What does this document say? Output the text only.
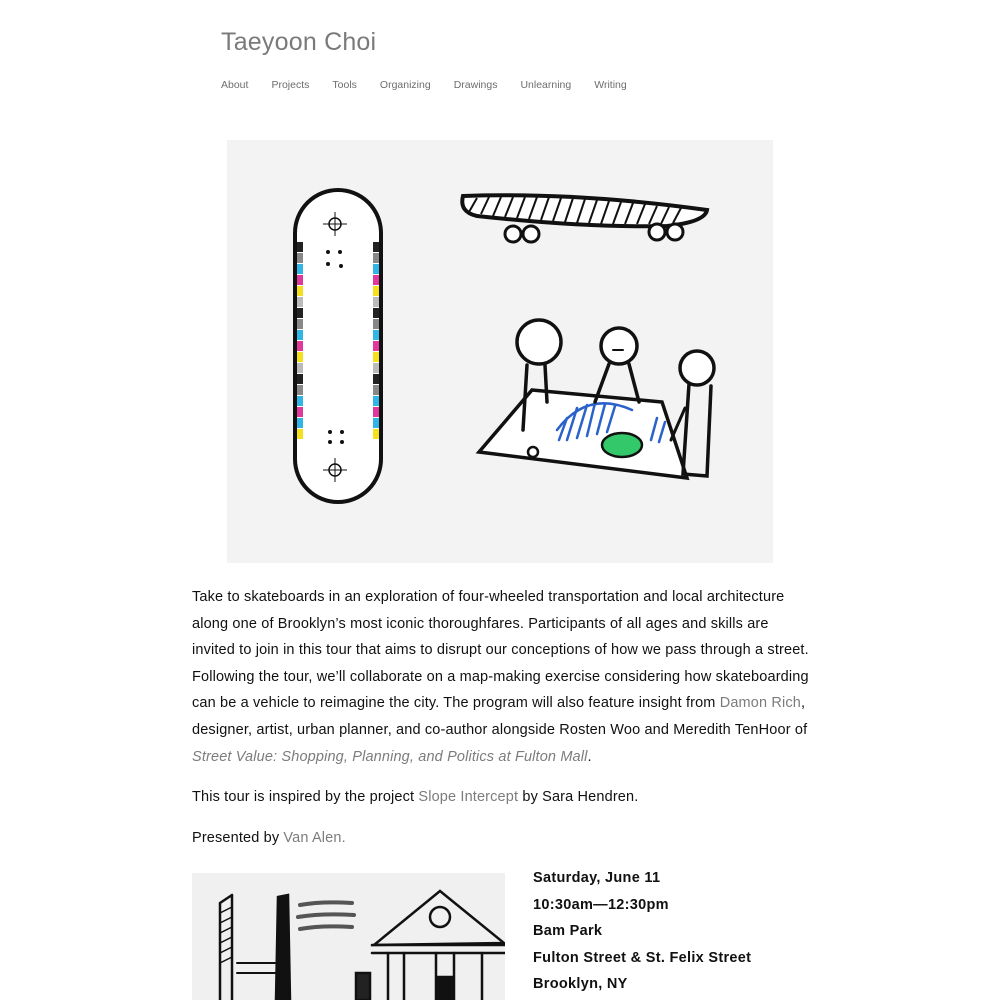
Taeyoon Choi
About Projects Tools Organizing Drawings Unlearning Writing

Take to skateboards in an exploration of four-wheeled transportation and local architecture along one of Brooklyn’s most iconic thoroughfares. Participants of all ages and skills are invited to join in this tour that aims to disrupt our conceptions of how we pass through a street. Following the tour, we’ll collaborate on a map-making exercise considering how skateboarding can be a vehicle to reimagine the city. The program will also feature insight from Damon Rich, designer, artist, urban planner, and co-author alongside Rosten Woo and Meredith TenHoor of Street Value: Shopping, Planning, and Politics at Fulton Mall.

This tour is inspired by the project Slope Intercept by Sara Hendren.

Presented by Van Alen.

Saturday, June 11
10:30am—12:30pm
Bam Park
Fulton Street & St. Felix Street
Brooklyn, NY
